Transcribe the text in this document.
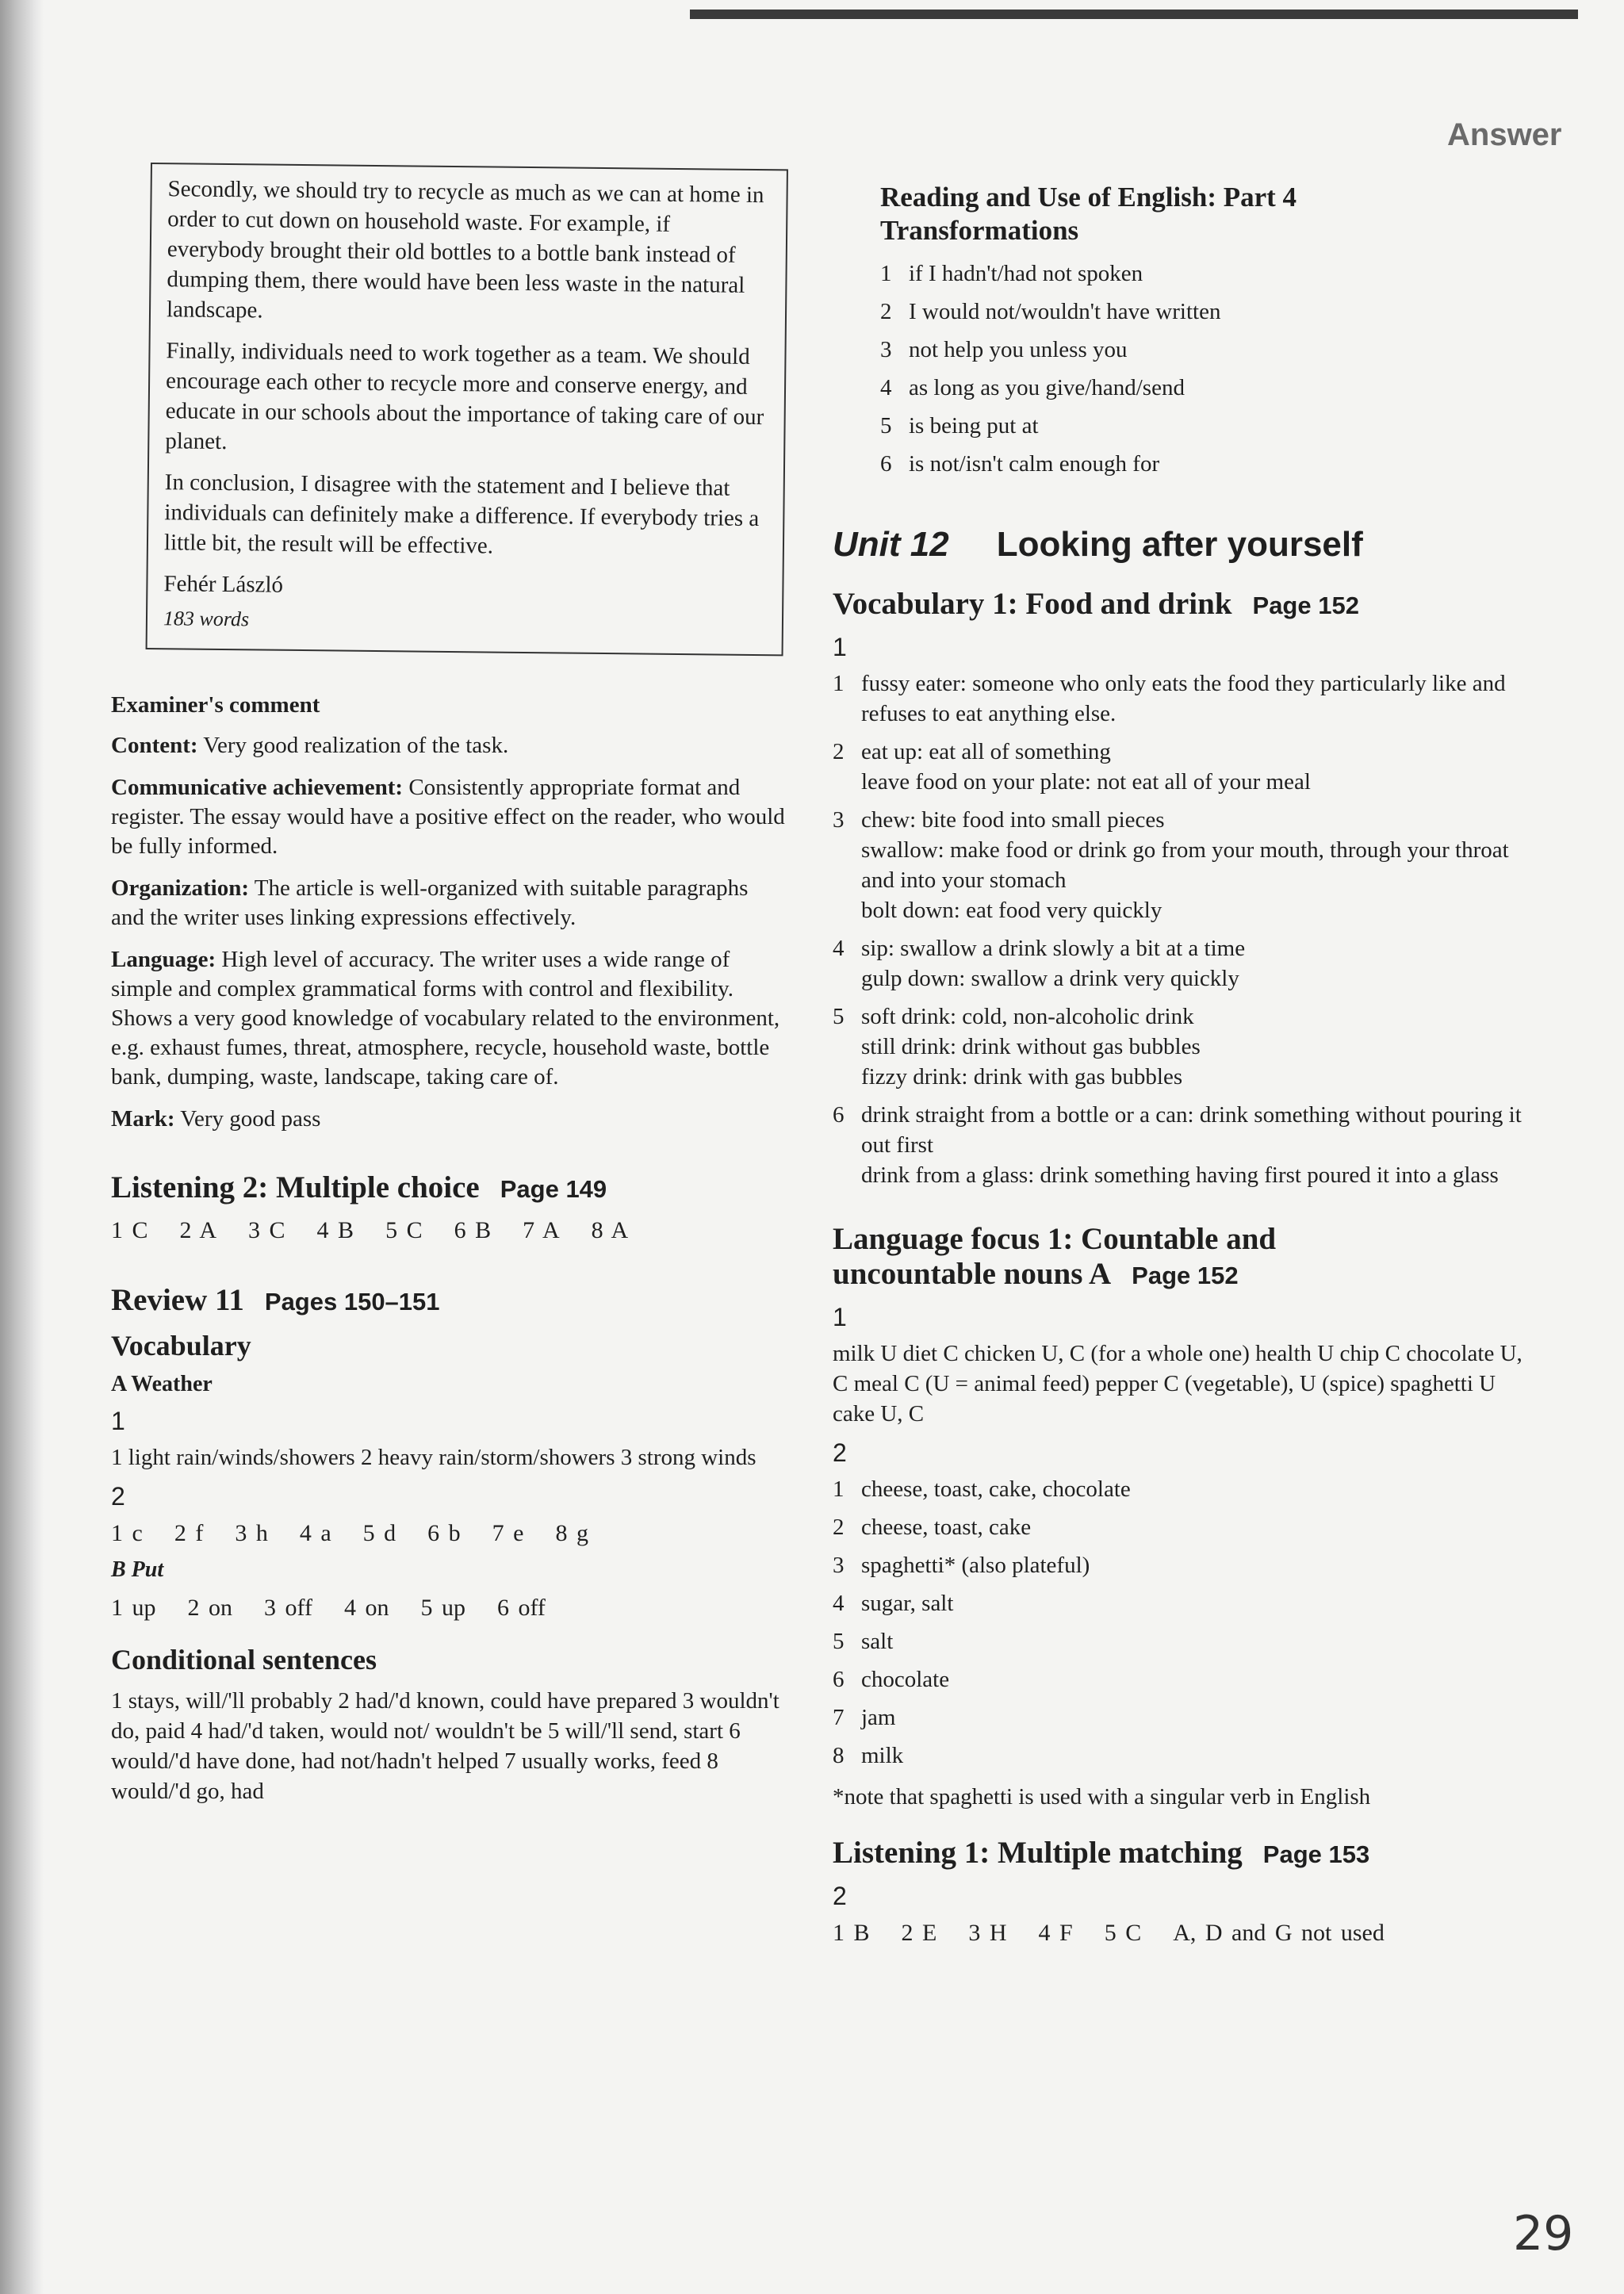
Answer

Secondly, we should try to recycle as much as we can at home in order to cut down on household waste. For example, if everybody brought their old bottles to a bottle bank instead of dumping them, there would have been less waste in the natural landscape.

Finally, individuals need to work together as a team. We should encourage each other to recycle more and conserve energy, and educate in our schools about the importance of taking care of our planet.

In conclusion, I disagree with the statement and I believe that individuals can definitely make a difference. If everybody tries a little bit, the result will be effective.

Fehér László
183 words
Examiner's comment

Content: Very good realization of the task.

Communicative achievement: Consistently appropriate format and register. The essay would have a positive effect on the reader, who would be fully informed.

Organization: The article is well-organized with suitable paragraphs and the writer uses linking expressions effectively.

Language: High level of accuracy. The writer uses a wide range of simple and complex grammatical forms with control and flexibility. Shows a very good knowledge of vocabulary related to the environment, e.g. exhaust fumes, threat, atmosphere, recycle, household waste, bottle bank, dumping, waste, landscape, taking care of.

Mark: Very good pass

Listening 2: Multiple choice Page 149
1 C 2 A 3 C 4 B 5 C 6 B 7 A 8 A
Review 11 Pages 150–151
Vocabulary
A Weather
1
1 light rain/winds/showers 2 heavy rain/storm/showers 3 strong winds
2
1 c 2 f 3 h 4 a 5 d 6 b 7 e 8 g
B Put
1 up 2 on 3 off 4 on 5 up 6 off
Conditional sentences
1 stays, will/'ll probably 2 had/'d known, could have prepared 3 wouldn't do, paid 4 had/'d taken, would not/ wouldn't be 5 will/'ll send, start 6 would/'d have done, had not/hadn't helped 7 usually works, feed 8 would/'d go, had
Reading and Use of English: Part 4 Transformations
1 if I hadn't/had not spoken
2 I would not/wouldn't have written
3 not help you unless you
4 as long as you give/hand/send
5 is being put at
6 is not/isn't calm enough for
Unit 12 Looking after yourself
Vocabulary 1: Food and drink Page 152
1
1 fussy eater: someone who only eats the food they particularly like and refuses to eat anything else.
2 eat up: eat all of something
leave food on your plate: not eat all of your meal
3 chew: bite food into small pieces
swallow: make food or drink go from your mouth, through your throat and into your stomach
bolt down: eat food very quickly
4 sip: swallow a drink slowly a bit at a time
gulp down: swallow a drink very quickly
5 soft drink: cold, non-alcoholic drink
still drink: drink without gas bubbles
fizzy drink: drink with gas bubbles
6 drink straight from a bottle or a can: drink something without pouring it out first
drink from a glass: drink something having first poured it into a glass
Language focus 1: Countable and uncountable nouns A Page 152
1
milk U diet C chicken U, C (for a whole one) health U chip C chocolate U, C meal C (U = animal feed) pepper C (vegetable), U (spice) spaghetti U cake U, C
2
1 cheese, toast, cake, chocolate
2 cheese, toast, cake
3 spaghetti* (also plateful)
4 sugar, salt
5 salt
6 chocolate
7 jam
8 milk
*note that spaghetti is used with a singular verb in English
Listening 1: Multiple matching Page 153
2
1 B 2 E 3 H 4 F 5 C A, D and G not used
29
